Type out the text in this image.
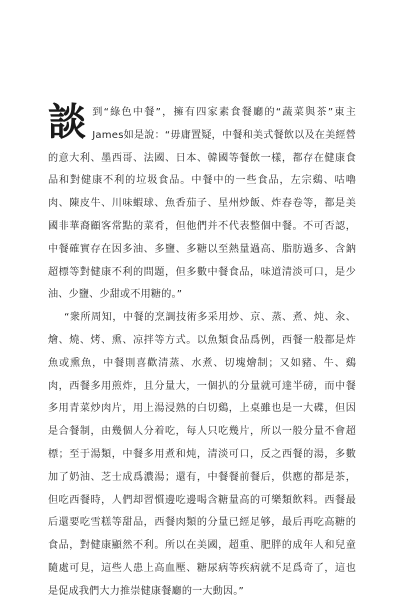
談到“綠色中餐”，擁有四家素食餐廳的“蔬菜與茶”東主James如是說：“毋庸置疑，中餐和美式餐飲以及在美經營的意大利、墨西哥、法國、日本、韓國等餐飲一樣，都存在健康食品和對健康不利的垃圾食品。中餐中的一些食品，左宗鷄、咕嚕肉、陳皮牛、川味蝦球、魚香茄子、星州炒飯、炸春卷等，都是美國非華裔顧客常點的菜肴，但他們并不代表整個中餐。不可否認，中餐確實存在因多油、多鹽、多糖以至熱量過高、脂肪過多、含鈉超標等對健康不利的問題，但多數中餐食品，味道清淡可口，是少油、少鹽、少甜或不用糖的。”

“衆所周知，中餐的烹調技術多采用炒、京、蒸、煮、炖、汆、燴、燒、烤、熏、凉拌等方式。以魚類食品爲例，西餐一般都是炸魚或熏魚，中餐則喜歡清蒸、水煮、切塊燴制；又如豬、牛、鷄肉，西餐多用煎炸，且分量大，一個扒的分量就可達半磅，而中餐多用青菜炒肉片，用上湯浸熟的白切鷄，上桌雖也是一大碟，但因是合餐制，由幾個人分着吃，每人只吃幾片，所以一般分量不會超標；至于湯類，中餐多用煮和炖，清淡可口，反之西餐的湯，多數加了奶油、芝士成爲濃湯；還有，中餐餐前餐后，供應的都是茶，但吃西餐時，人們却習慣邊吃邊喝含糖量高的可樂類飲料。西餐最后還要吃雪糕等甜品，西餐肉類的分量已經足够，最后再吃高糖的食品，對健康顯然不利。所以在美國，超重、肥胖的成年人和兒童隨處可見，這些人患上高血壓、糖尿病等疾病就不足爲奇了，這也是促成我們大力推崇健康餐廳的一大動因。”
